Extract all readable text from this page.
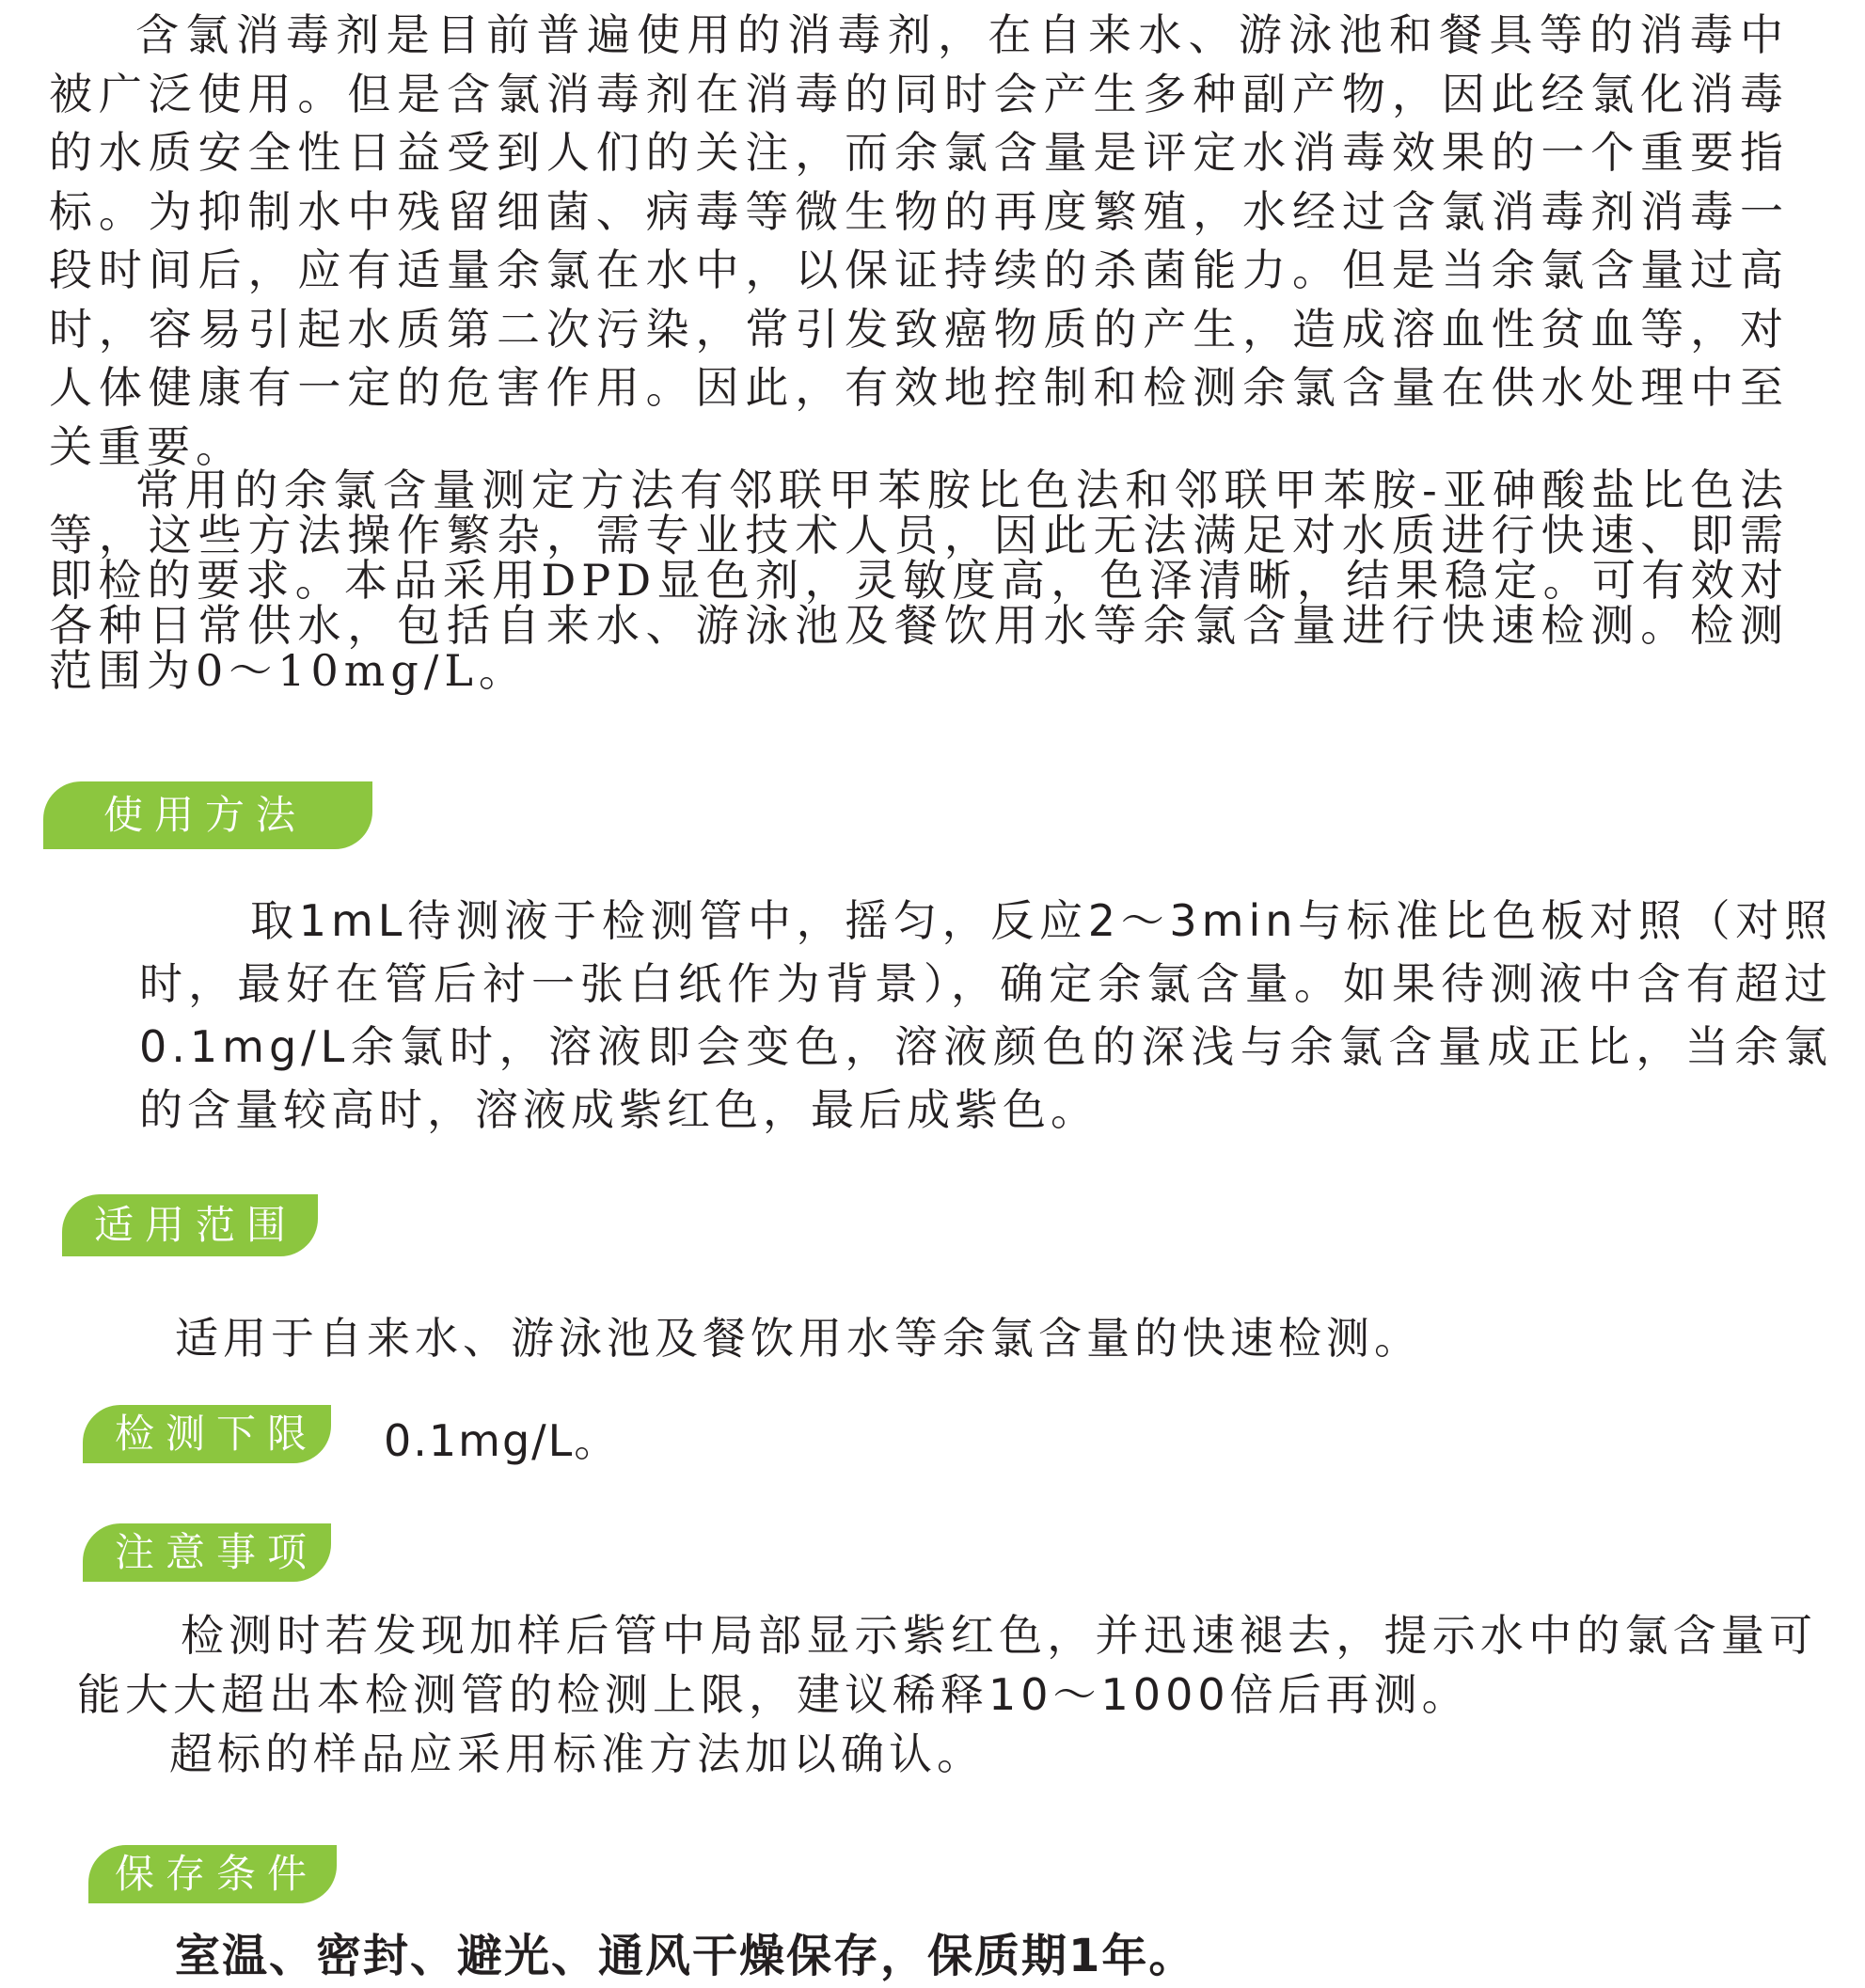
含氯消毒剂是目前普遍使用的消毒剂，在自来水、游泳池和餐具等的消毒中被广泛使用。但是含氯消毒剂在消毒的同时会产生多种副产物，因此经氯化消毒的水质安全性日益受到人们的关注，而余氯含量是评定水消毒效果的一个重要指标。为抑制水中残留细菌、病毒等微生物的再度繁殖，水经过含氯消毒剂消毒一段时间后，应有适量余氯在水中，以保证持续的杀菌能力。但是当余氯含量过高时，容易引起水质第二次污染，常引发致癌物质的产生，造成溶血性贫血等，对人体健康有一定的危害作用。因此，有效地控制和检测余氯含量在供水处理中至关重要。

常用的余氯含量测定方法有邻联甲苯胺比色法和邻联甲苯胺-亚砷酸盐比色法等，这些方法操作繁杂，需专业技术人员，因此无法满足对水质进行快速、即需即检的要求。本品采用DPD显色剂，灵敏度高，色泽清晰，结果稳定。可有效对各种日常供水，包括自来水、游泳池及餐饮用水等余氯含量进行快速检测。检测范围为0～10mg/L。

使用方法

取1mL待测液于检测管中，摇匀，反应2～3min与标准比色板对照（对照时，最好在管后衬一张白纸作为背景），确定余氯含量。如果待测液中含有超过0.1mg/L余氯时，溶液即会变色，溶液颜色的深浅与余氯含量成正比，当余氯的含量较高时，溶液成紫红色，最后成紫色。

适用范围

适用于自来水、游泳池及餐饮用水等余氯含量的快速检测。

检测下限	0.1mg/L。
注意事项
检测时若发现加样后管中局部显示紫红色，并迅速褪去，提示水中的氯含量可能大大超出本检测管的检测上限，建议稀释10～1000倍后再测。
超标的样品应采用标准方法加以确认。
保存条件
室温、密封、避光、通风干燥保存，保质期1年。
